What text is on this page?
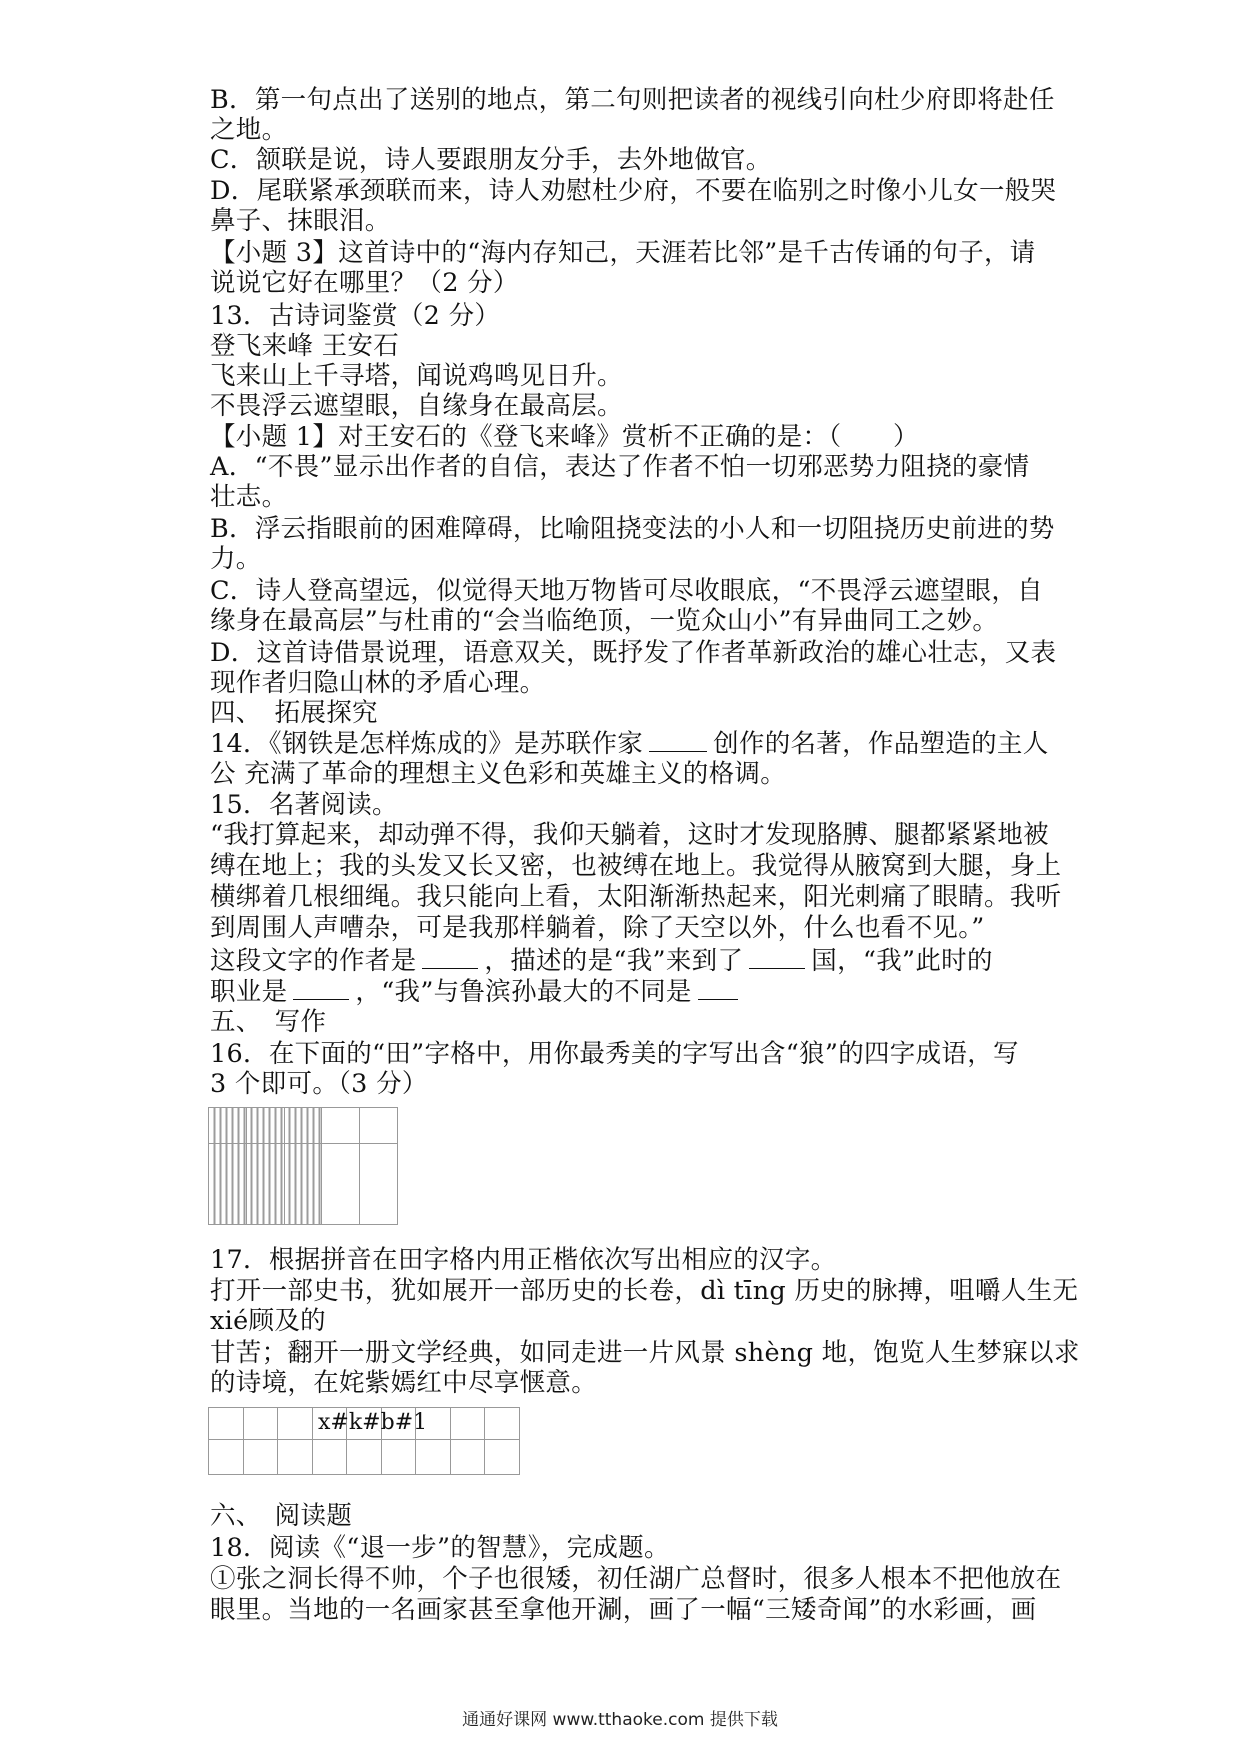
B．第一句点出了送别的地点，第二句则把读者的视线引向杜少府即将赴任
之地。
C．颔联是说，诗人要跟朋友分手，去外地做官。
D．尾联紧承颈联而来，诗人劝慰杜少府，不要在临别之时像小儿女一般哭
鼻子、抹眼泪。
【小题 3】这首诗中的“海内存知己，天涯若比邻”是千古传诵的句子，请
说说它好在哪里？（2 分）
13．古诗词鉴赏（2 分）
登飞来峰 王安石
飞来山上千寻塔，闻说鸡鸣见日升。
不畏浮云遮望眼，自缘身在最高层。
【小题 1】对王安石的《登飞来峰》赏析不正确的是：（　　）
A．“不畏”显示出作者的自信，表达了作者不怕一切邪恶势力阻挠的豪情
壮志。
B．浮云指眼前的困难障碍，比喻阻挠变法的小人和一切阻挠历史前进的势
力。
C．诗人登高望远，似觉得天地万物皆可尽收眼底，“不畏浮云遮望眼，自
缘身在最高层”与杜甫的“会当临绝顶，一览众山小”有异曲同工之妙。
D．这首诗借景说理，语意双关，既抒发了作者革新政治的雄心壮志，又表
现作者归隐山林的矛盾心理。
四、　拓展探究
14．《钢铁是怎样炼成的》是苏联作家	创作的名著，作品塑造的主人
公 充满了革命的理想主义色彩和英雄主义的格调。
15．名著阅读。
“我打算起来，却动弹不得，我仰天躺着，这时才发现胳膊、腿都紧紧地被
缚在地上；我的头发又长又密，也被缚在地上。我觉得从腋窝到大腿，身上
横绑着几根细绳。我只能向上看，太阳渐渐热起来，阳光刺痛了眼睛。我听
到周围人声嘈杂，可是我那样躺着，除了天空以外，什么也看不见。”
这段文字的作者是	，描述的是“我”来到了	国，“我”此时的
职业是	，“我”与鲁滨孙最大的不同是
五、　写作
16．在下面的“田”字格中，用你最秀美的字写出含“狼”的四字成语，写
3 个即可。（3 分）

17．根据拼音在田字格内用正楷依次写出相应的汉字。
打开一部史书，犹如展开一部历史的长卷，dì tīng 历史的脉搏，咀嚼人生无
xié顾及的
甘苦；翻开一册文学经典，如同走进一片风景 shèng 地，饱览人生梦寐以求
的诗境，在姹紫嫣红中尽享惬意。

x#k#b#1
六、　阅读题
18．阅读《“退一步”的智慧》，完成题。
①张之洞长得不帅，个子也很矮，初任湖广总督时，很多人根本不把他放在
眼里。当地的一名画家甚至拿他开涮，画了一幅“三矮奇闻”的水彩画，画
通通好课网 www.tthaoke.com 提供下载
